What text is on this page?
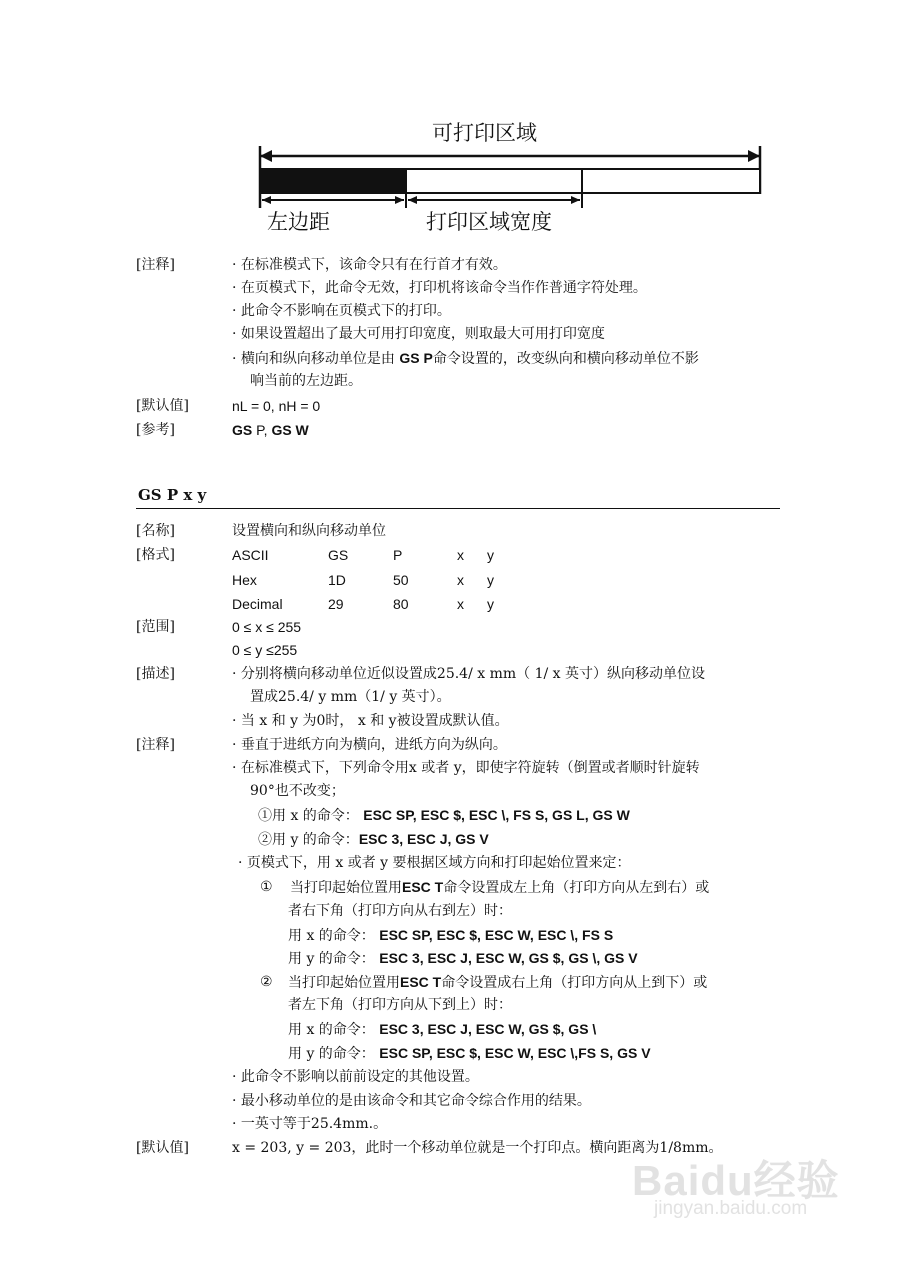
可打印区域
左边距	打印区域宽度
[注释]	· 在标准模式下，该命令只有在行首才有效。
· 在页模式下，此命令无效，打印机将该命令当作作普通字符处理。
· 此命令不影响在页模式下的打印。
· 如果设置超出了最大可用打印宽度，则取最大可用打印宽度
· 横向和纵向移动单位是由 GS P命令设置的，改变纵向和横向移动单位不影
响当前的左边距。
[默认值]	nL = 0, nH = 0
[参考]	GS P, GS W
GS P x y
[名称]	设置横向和纵向移动单位
[格式]	ASCII	GS	P	x y
Hex	1D	50	x y
Decimal	29	80	x y
[范围]	0 ≤ x ≤ 255
0 ≤ y ≤255
[描述]	· 分别将横向移动单位近似设置成25.4/ x mm（ 1/ x 英寸）纵向移动单位设
置成25.4/ y mm（1/ y 英寸）。
· 当 x 和 y 为0时， x 和 y被设置成默认值。
[注释]	· 垂直于进纸方向为横向，进纸方向为纵向。
· 在标准模式下，下列命令用x 或者 y，即使字符旋转（倒置或者顺时针旋转
90°也不改变；
①用 x 的命令： ESC SP, ESC $, ESC \, FS S, GS L, GS W
②用 y 的命令：ESC 3, ESC J, GS V
· 页模式下，用 x 或者 y 要根据区域方向和打印起始位置来定：
① 当打印起始位置用ESC T命令设置成左上角（打印方向从左到右）或
者右下角（打印方向从右到左）时：
用 x 的命令： ESC SP, ESC $, ESC W, ESC \, FS S
用 y 的命令： ESC 3, ESC J, ESC W, GS $, GS \, GS V
② 当打印起始位置用ESC T命令设置成右上角（打印方向从上到下）或
者左下角（打印方向从下到上）时：
用 x 的命令： ESC 3, ESC J, ESC W, GS $, GS \
用 y 的命令： ESC SP, ESC $, ESC W, ESC \,FS S, GS V
· 此命令不影响以前前设定的其他设置。
· 最小移动单位的是由该命令和其它命令综合作用的结果。
· 一英寸等于25.4mm.。
[默认值]	x = 203, y = 203，此时一个移动单位就是一个打印点。横向距离为1/8mm。
Baidu经验
jingyan.baidu.com
